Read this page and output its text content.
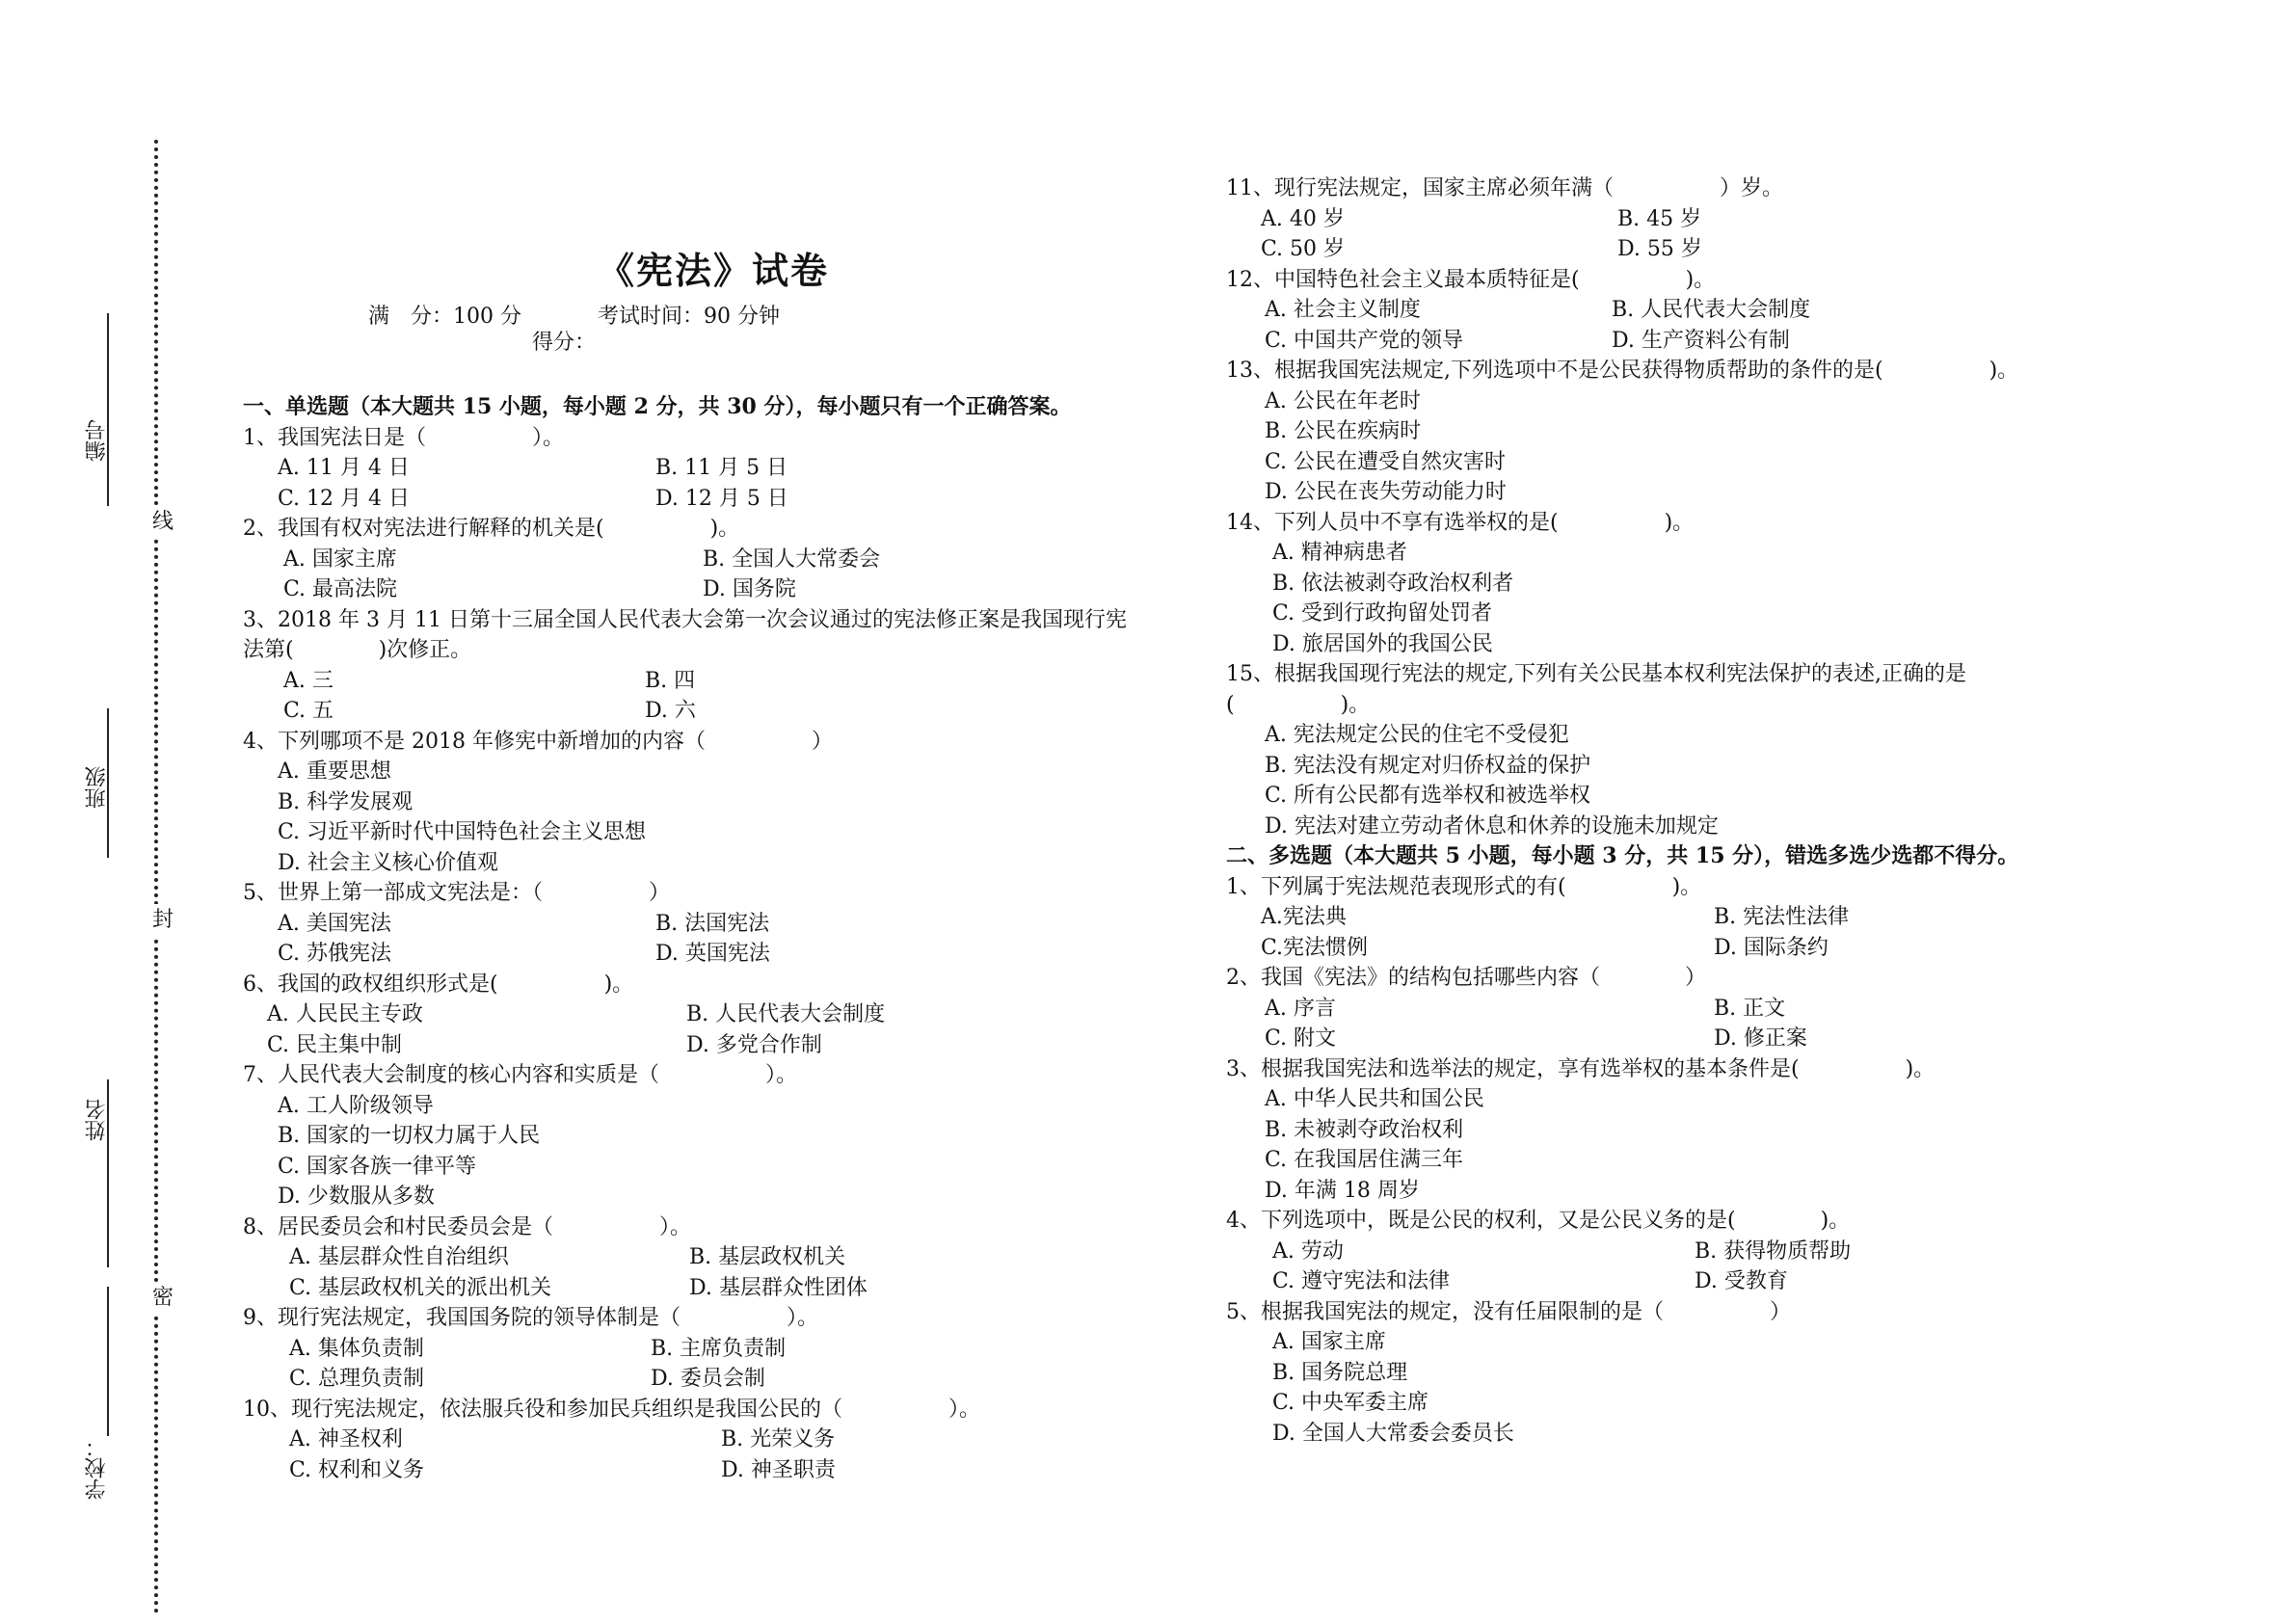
编号
班级
姓名
学校：
线
封
密
《宪法》试卷
满　分：100 分	考试时间：90 分钟
得分：
一、单选题（本大题共 15 小题，每小题 2 分，共 30 分），每小题只有一个正确答案。
1、我国宪法日是（　　　　　）。
A. 11 月 4 日	B. 11 月 5 日
C. 12 月 4 日	D. 12 月 5 日
2、我国有权对宪法进行解释的机关是(　　　　　)。
A. 国家主席	B. 全国人大常委会
C. 最高法院	D. 国务院
3、2018 年 3 月 11 日第十三届全国人民代表大会第一次会议通过的宪法修正案是我国现行宪
法第(　　　　)次修正。
A. 三	B. 四
C. 五	D. 六
4、下列哪项不是 2018 年修宪中新增加的内容（　　　　　）
A. 重要思想
B. 科学发展观
C. 习近平新时代中国特色社会主义思想
D. 社会主义核心价值观
5、世界上第一部成文宪法是：（　　　　　）
A. 美国宪法	B. 法国宪法
C. 苏俄宪法	D. 英国宪法
6、我国的政权组织形式是(　　　　　)。
A. 人民民主专政	B. 人民代表大会制度
C. 民主集中制	D. 多党合作制
7、人民代表大会制度的核心内容和实质是（　　　　　）。
A. 工人阶级领导
B. 国家的一切权力属于人民
C. 国家各族一律平等
D. 少数服从多数
8、居民委员会和村民委员会是（　　　　　）。
A. 基层群众性自治组织	B. 基层政权机关
C. 基层政权机关的派出机关	D. 基层群众性团体
9、现行宪法规定，我国国务院的领导体制是（　　　　　）。
A. 集体负责制	B. 主席负责制
C. 总理负责制	D. 委员会制
10、现行宪法规定，依法服兵役和参加民兵组织是我国公民的（　　　　　）。
A. 神圣权利	B. 光荣义务
C. 权利和义务	D. 神圣职责
11、现行宪法规定，国家主席必须年满（　　　　　）岁。
A. 40 岁	B. 45 岁
C. 50 岁	D. 55 岁
12、中国特色社会主义最本质特征是(　　　　　)。
A. 社会主义制度	B. 人民代表大会制度
C. 中国共产党的领导	D. 生产资料公有制
13、根据我国宪法规定,下列选项中不是公民获得物质帮助的条件的是(　　　　　)。
A. 公民在年老时
B. 公民在疾病时
C. 公民在遭受自然灾害时
D. 公民在丧失劳动能力时
14、下列人员中不享有选举权的是(　　　　　)。
A. 精神病患者
B. 依法被剥夺政治权利者
C. 受到行政拘留处罚者
D. 旅居国外的我国公民
15、根据我国现行宪法的规定,下列有关公民基本权利宪法保护的表述,正确的是
(　　　　　)。
A. 宪法规定公民的住宅不受侵犯
B. 宪法没有规定对归侨权益的保护
C. 所有公民都有选举权和被选举权
D. 宪法对建立劳动者休息和休养的设施未加规定
二、多选题（本大题共 5 小题，每小题 3 分，共 15 分），错选多选少选都不得分。
1、下列属于宪法规范表现形式的有(　　　　　)。
A.宪法典	B. 宪法性法律
C.宪法惯例	D. 国际条约
2、我国《宪法》的结构包括哪些内容（　　　　）
A. 序言	B. 正文
C. 附文	D. 修正案
3、根据我国宪法和选举法的规定，享有选举权的基本条件是(　　　　　)。
A. 中华人民共和国公民
B. 未被剥夺政治权利
C. 在我国居住满三年
D. 年满 18 周岁
4、下列选项中，既是公民的权利，又是公民义务的是(　　　　)。
A. 劳动	B. 获得物质帮助
C. 遵守宪法和法律	D. 受教育
5、根据我国宪法的规定，没有任届限制的是（　　　　　）
A. 国家主席
B. 国务院总理
C. 中央军委主席
D. 全国人大常委会委员长
